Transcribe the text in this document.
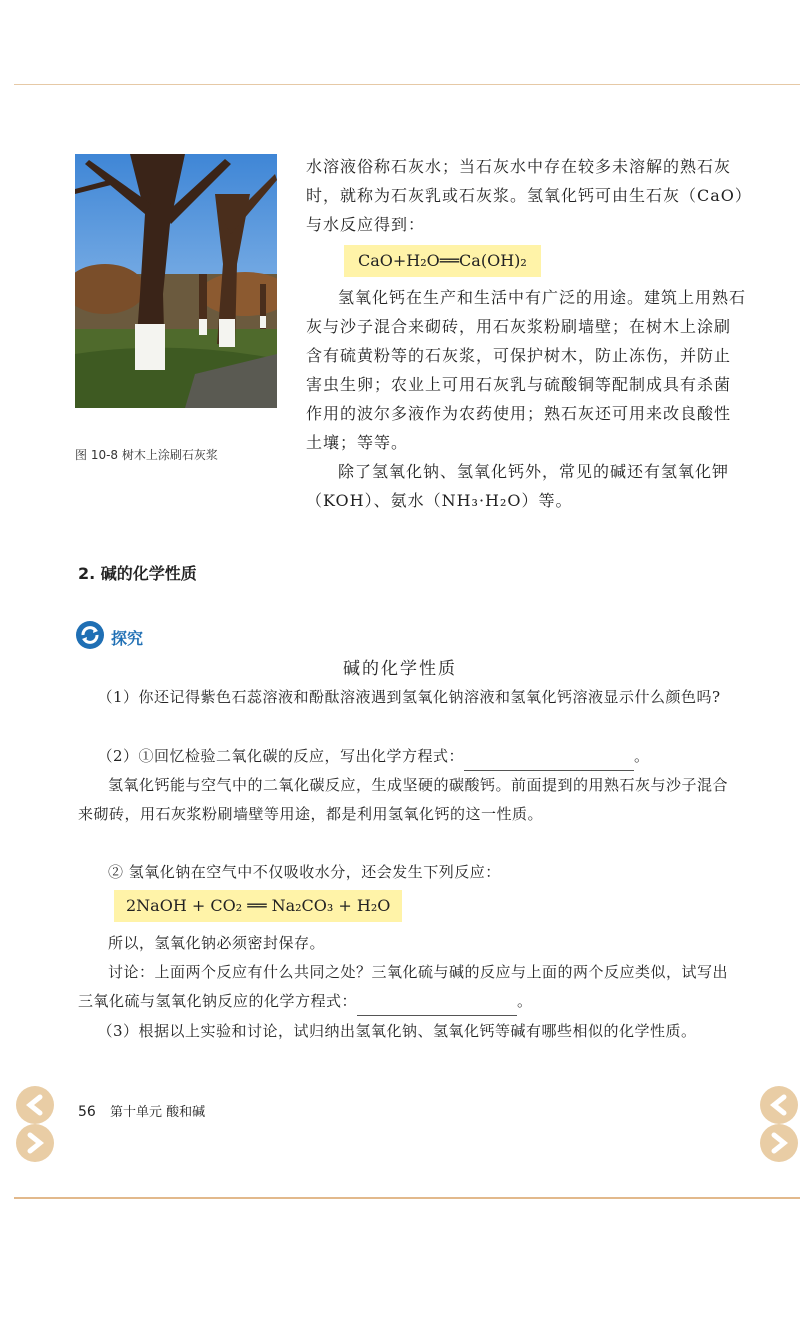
图 10-8 树木上涂刷石灰浆

水溶液俗称石灰水；当石灰水中存在较多未溶解的熟石灰时，就称为石灰乳或石灰浆。氢氧化钙可由生石灰（CaO）与水反应得到：

CaO+H₂O══Ca(OH)₂

氢氧化钙在生产和生活中有广泛的用途。建筑上用熟石灰与沙子混合来砌砖，用石灰浆粉刷墙壁；在树木上涂刷含有硫黄粉等的石灰浆，可保护树木，防止冻伤，并防止害虫生卵；农业上可用石灰乳与硫酸铜等配制成具有杀菌作用的波尔多液作为农药使用；熟石灰还可用来改良酸性土壤；等等。

除了氢氧化钠、氢氧化钙外，常见的碱还有氢氧化钾（KOH）、氨水（NH₃·H₂O）等。

2. 碱的化学性质
探究
碱的化学性质

（1）你还记得紫色石蕊溶液和酚酞溶液遇到氢氧化钠溶液和氢氧化钙溶液显示什么颜色吗?

（2）①回忆检验二氧化碳的反应，写出化学方程式：	。

氢氧化钙能与空气中的二氧化碳反应，生成坚硬的碳酸钙。前面提到的用熟石灰与沙子混合来砌砖，用石灰浆粉刷墙壁等用途，都是利用氢氧化钙的这一性质。

② 氢氧化钠在空气中不仅吸收水分，还会发生下列反应：

2NaOH + CO₂ ══ Na₂CO₃ + H₂O

所以，氢氧化钠必须密封保存。

讨论：上面两个反应有什么共同之处？三氧化硫与碱的反应与上面的两个反应类似，试写出三氧化硫与氢氧化钠反应的化学方程式：	。

（3）根据以上实验和讨论，试归纳出氢氧化钠、氢氧化钙等碱有哪些相似的化学性质。

56 第十单元 酸和碱
